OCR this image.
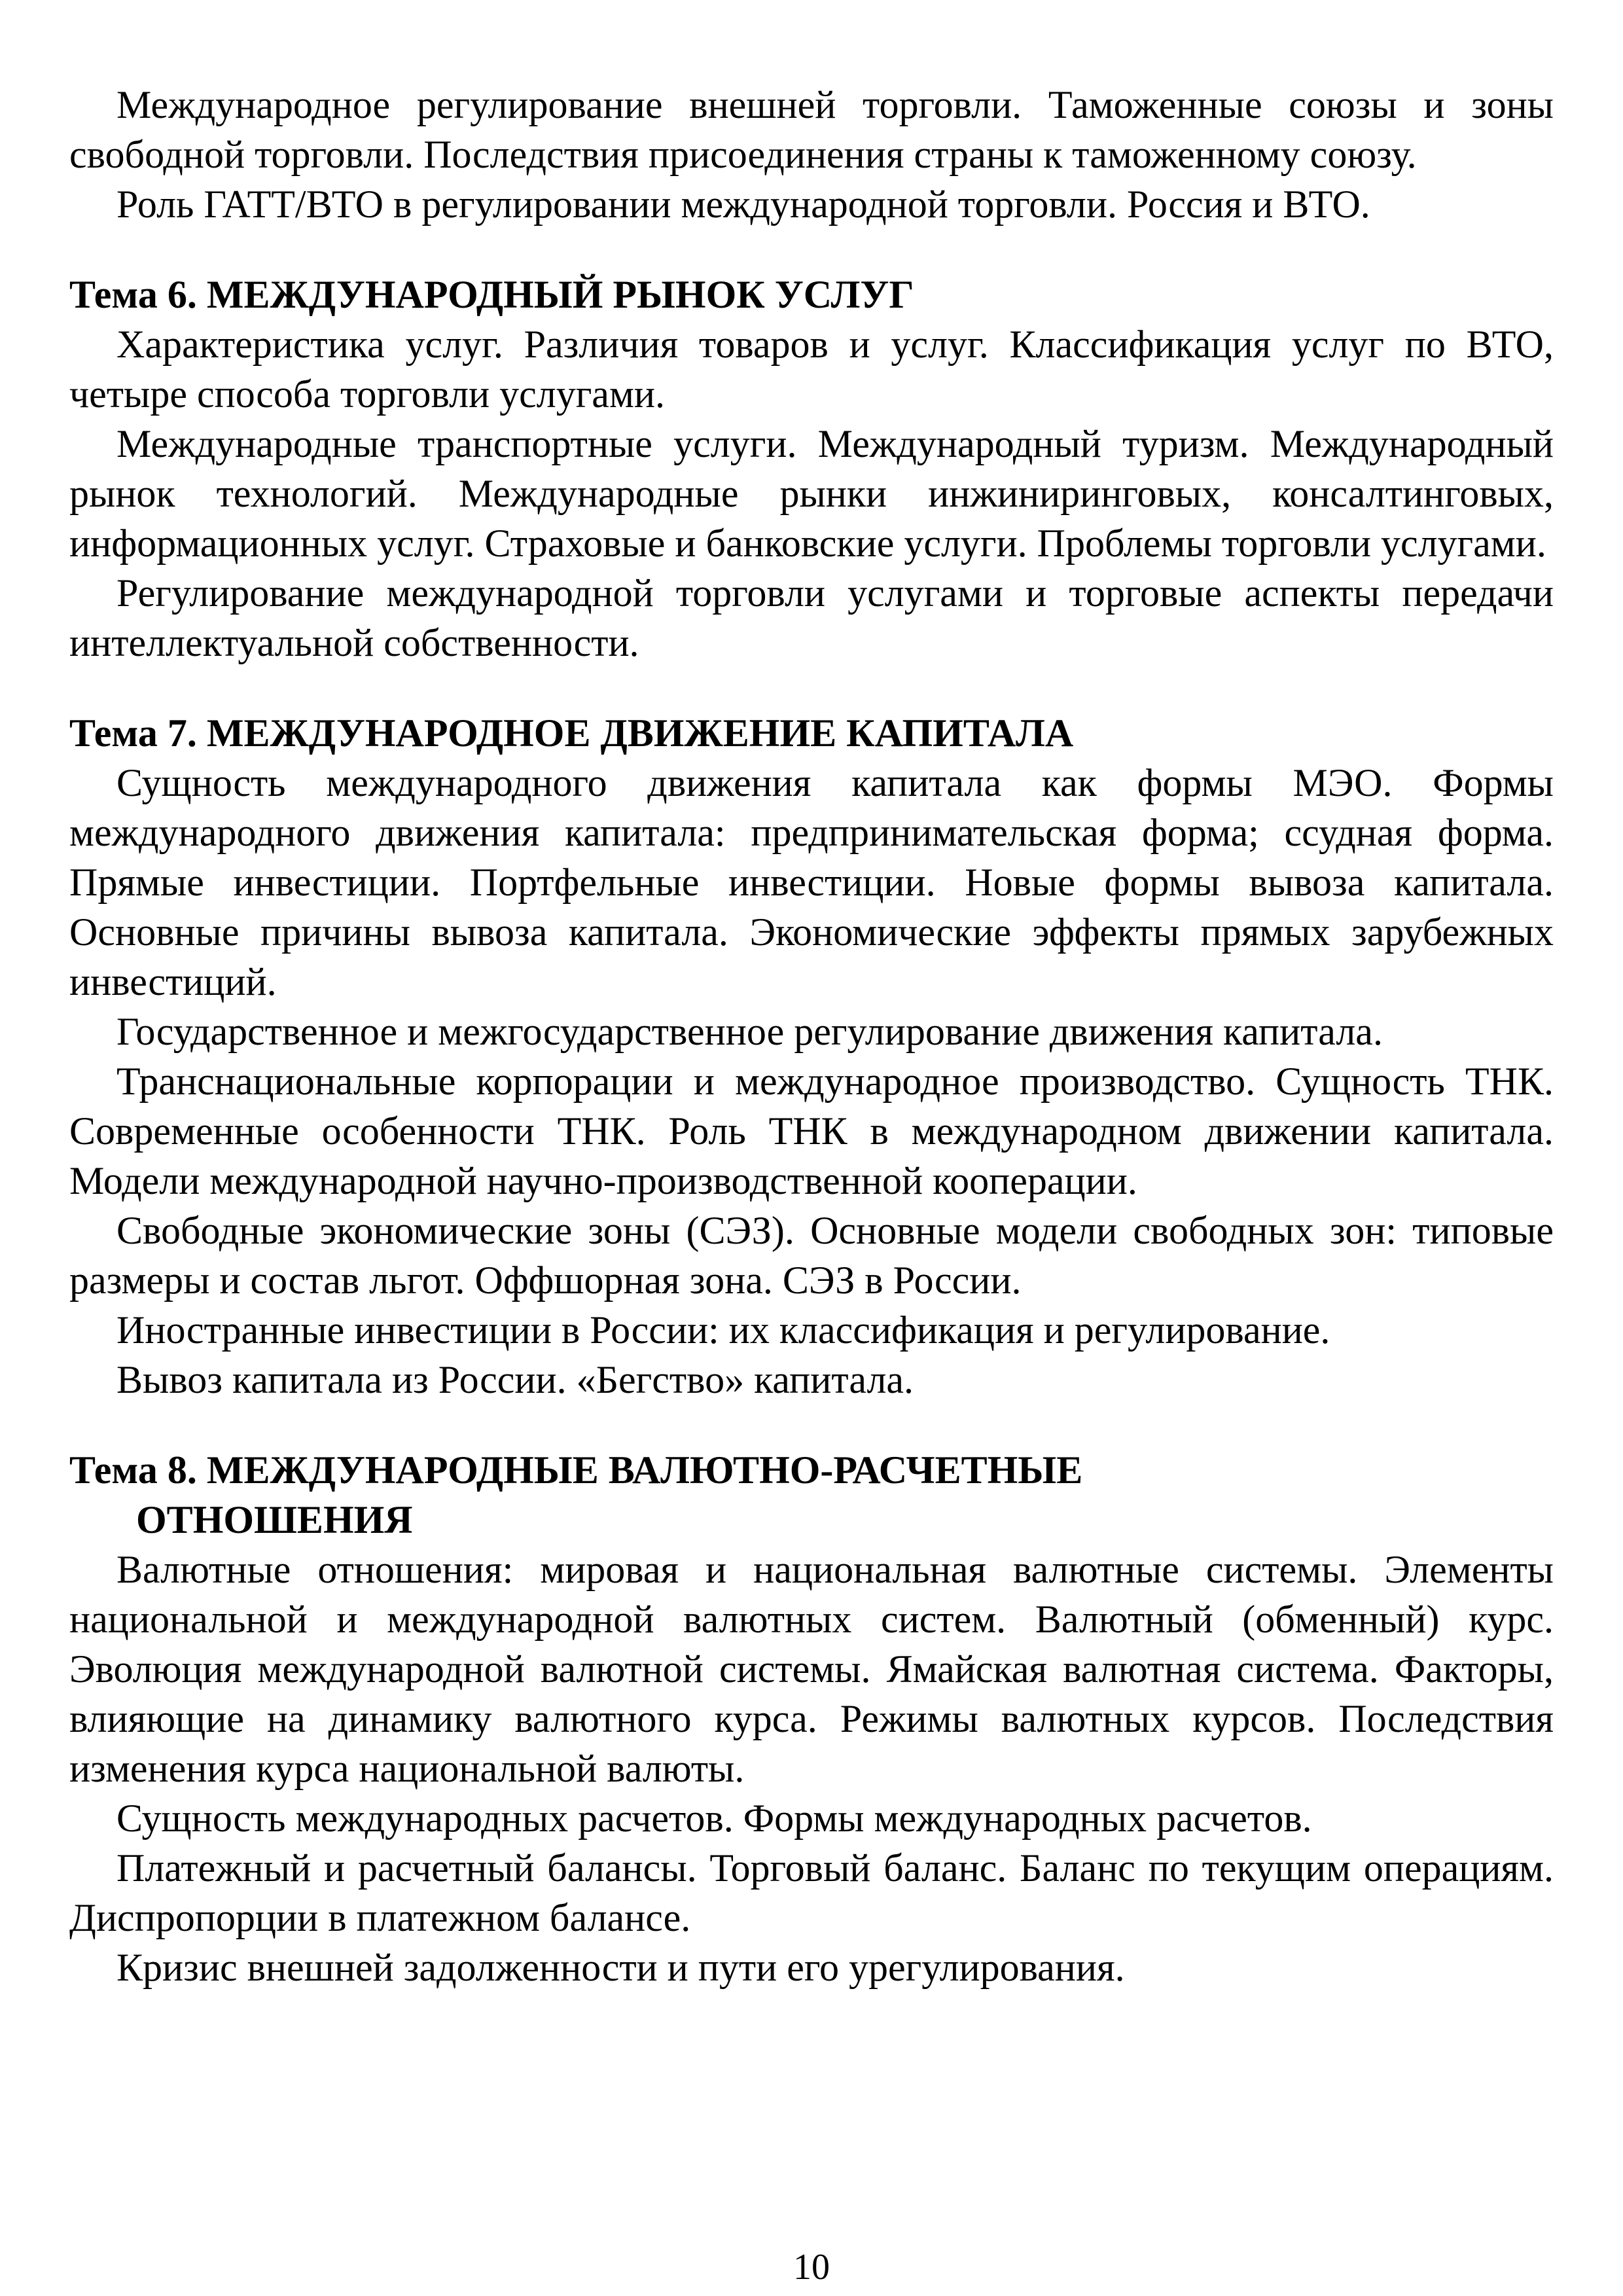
Международное регулирование внешней торговли. Таможенные союзы и зоны свободной торговли. Последствия присоединения страны к таможенному союзу.

Роль ГАТТ/ВТО в регулировании международной торговли. Россия и ВТО.

Тема 6. МЕЖДУНАРОДНЫЙ РЫНОК УСЛУГ

Характеристика услуг. Различия товаров и услуг. Классификация услуг по ВТО, четыре способа торговли услугами.

Международные транспортные услуги. Международный туризм. Международный рынок технологий. Международные рынки инжиниринговых, консалтинговых, информационных услуг. Страховые и банковские услуги. Проблемы торговли услугами.

Регулирование международной торговли услугами и торговые аспекты передачи интеллектуальной собственности.

Тема 7. МЕЖДУНАРОДНОЕ ДВИЖЕНИЕ КАПИТАЛА

Сущность международного движения капитала как формы МЭО. Формы международного движения капитала: предпринимательская форма; ссудная форма. Прямые инвестиции. Портфельные инвестиции. Новые формы вывоза капитала. Основные причины вывоза капитала. Экономические эффекты прямых зарубежных инвестиций.

Государственное и межгосударственное регулирование движения капитала.

Транснациональные корпорации и международное производство. Сущность ТНК. Современные особенности ТНК. Роль ТНК в международном движении капитала. Модели международной научно-производственной кооперации.

Свободные экономические зоны (СЭЗ). Основные модели свободных зон: типовые размеры и состав льгот. Оффшорная зона. СЭЗ в России.

Иностранные инвестиции в России: их классификация и регулирование.

Вывоз капитала из России. «Бегство» капитала.

Тема 8. МЕЖДУНАРОДНЫЕ ВАЛЮТНО-РАСЧЕТНЫЕ
ОТНОШЕНИЯ

Валютные отношения: мировая и национальная валютные системы. Элементы национальной и международной валютных систем. Валютный (обменный) курс. Эволюция международной валютной системы. Ямайская валютная система. Факторы, влияющие на динамику валютного курса. Режимы валютных курсов. Последствия изменения курса национальной валюты.

Сущность международных расчетов. Формы международных расчетов.

Платежный и расчетный балансы. Торговый баланс. Баланс по текущим операциям. Диспропорции в платежном балансе.

Кризис внешней задолженности и пути его урегулирования.

10
